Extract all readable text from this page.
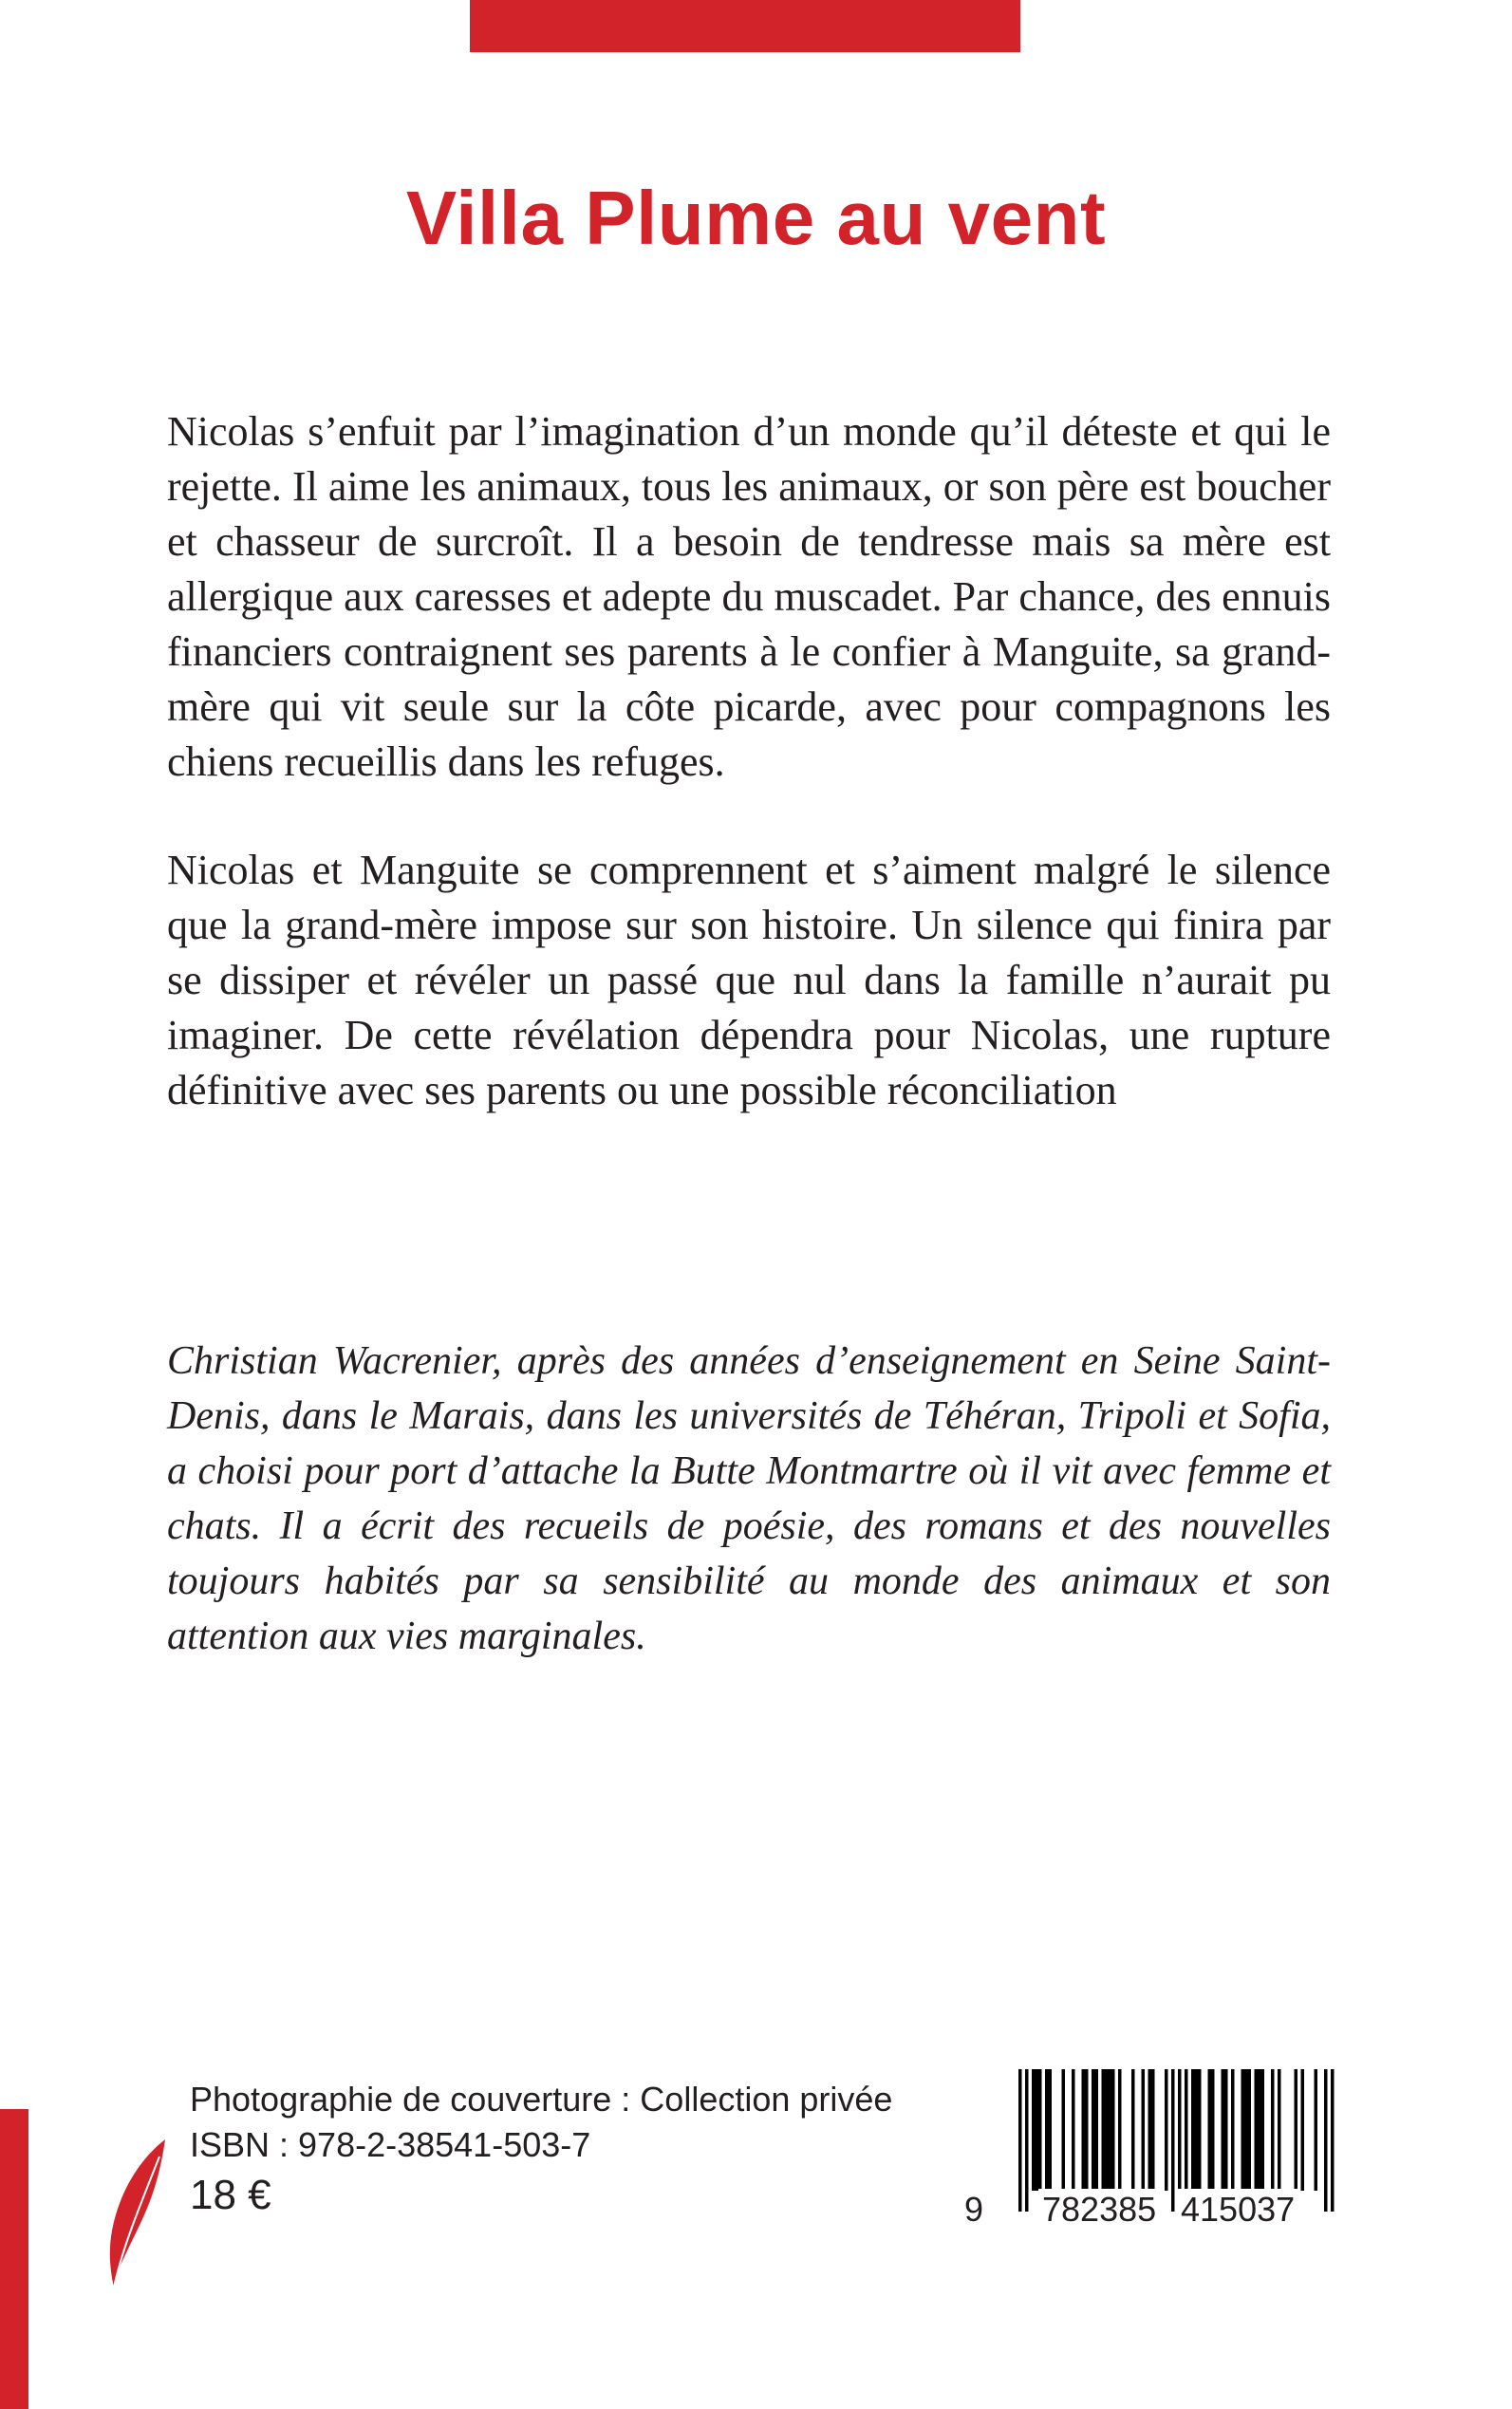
Villa Plume au vent

Nicolas s’enfuit par l’imagination d’un monde qu’il déteste et qui le rejette. Il aime les animaux, tous les animaux, or son père est boucher et chasseur de surcroît. Il a besoin de tendresse mais sa mère est allergique aux caresses et adepte du muscadet. Par chance, des ennuis financiers contraignent ses parents à le confier à Manguite, sa grand-mère qui vit seule sur la côte picarde, avec pour compagnons les chiens recueillis dans les refuges.

Nicolas et Manguite se comprennent et s’aiment malgré le silence que la grand-mère impose sur son histoire. Un silence qui finira par se dissiper et révéler un passé que nul dans la famille n’aurait pu imaginer. De cette révélation dépendra pour Nicolas, une rupture définitive avec ses parents ou une possible réconciliation

Christian Wacrenier, après des années d’enseignement en Seine Saint-Denis, dans le Marais, dans les universités de Téhéran, Tripoli et Sofia, a choisi pour port d’attache la Butte Montmartre où il vit avec femme et chats. Il a écrit des recueils de poésie, des romans et des nouvelles toujours habités par sa sensibilité au monde des animaux et son attention aux vies marginales.

Photographie de couverture : Collection privée
ISBN : 978-2-38541-503-7
18 €	9 782385 415037
